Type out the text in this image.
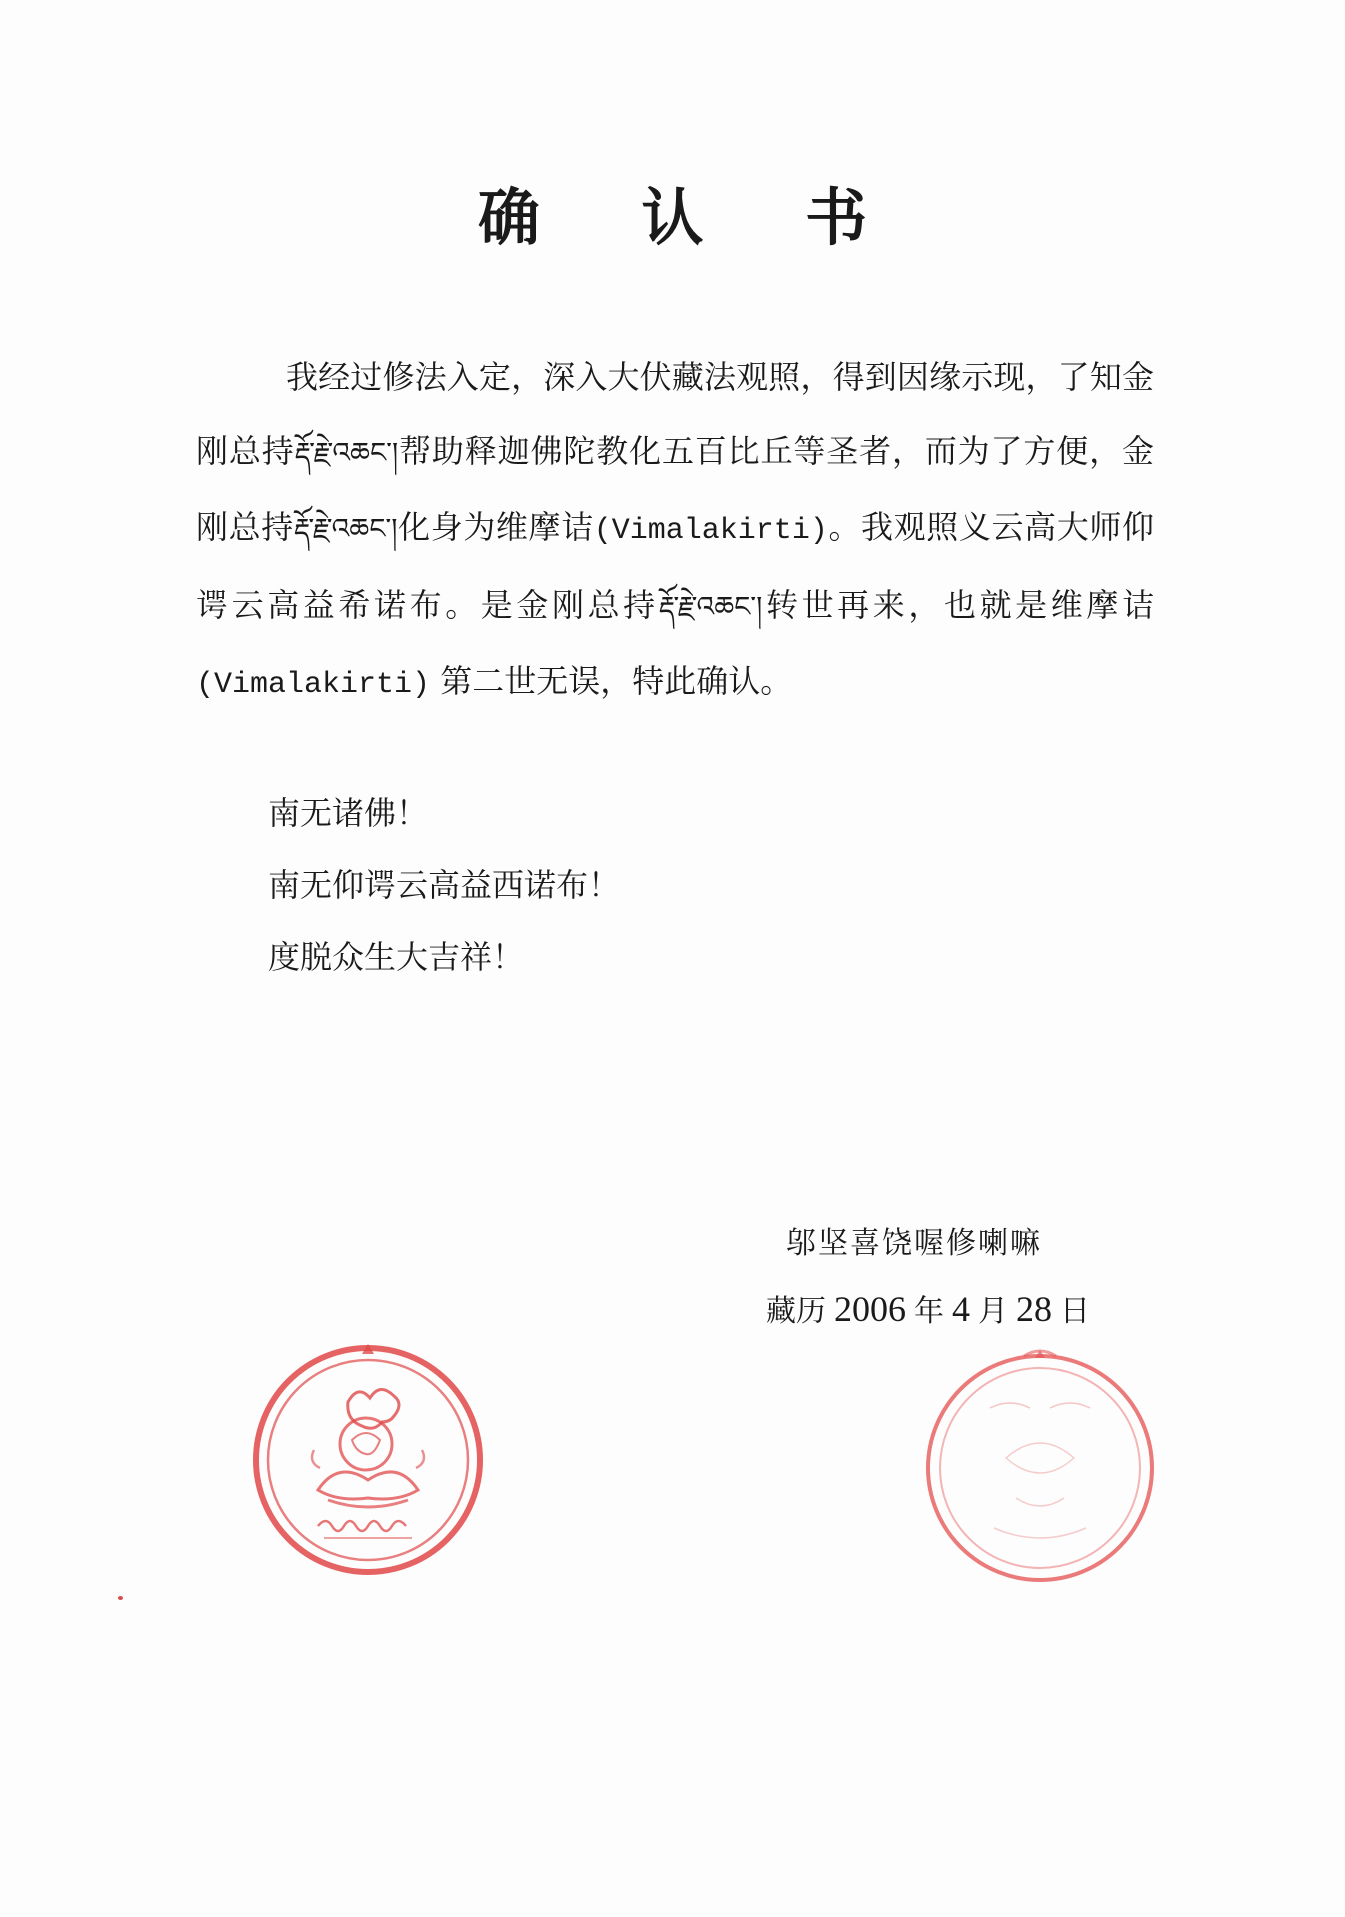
确 认 书

我经过修法入定，深入大伏藏法观照，得到因缘示现，了知金刚总持རྡོ་རྗེ་འཆང་།帮助释迦佛陀教化五百比丘等圣者，而为了方便，金刚总持རྡོ་རྗེ་འཆང་།化身为维摩诘(Vimalakirti)。我观照义云高大师仰谔云高益希诺布。是金刚总持རྡོ་རྗེ་འཆང་།转世再来，也就是维摩诘 (Vimalakirti) 第二世无误，特此确认。

南无诸佛！

南无仰谔云高益西诺布！

度脱众生大吉祥！

邬坚喜饶喔修喇嘛
藏历 2006 年 4 月 28 日
